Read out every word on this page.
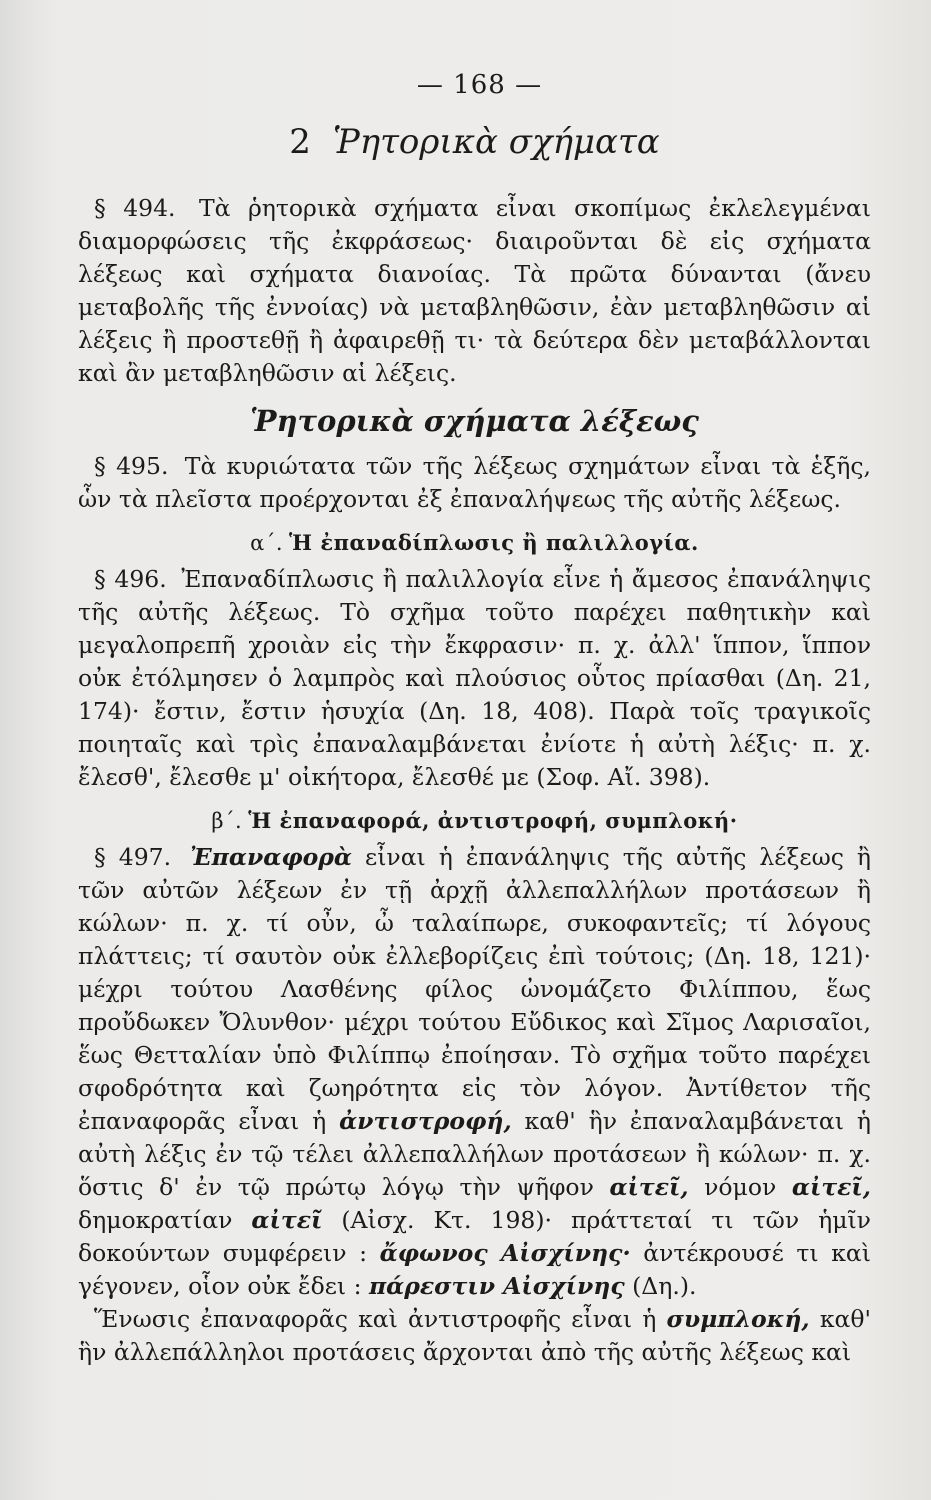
— 168 —
2 Ῥητορικὰ σχήματα

§ 494. Τὰ ῥητορικὰ σχήματα εἶναι σκοπίμως ἐκλελεγμέναι διαμορφώσεις τῆς ἐκφράσεως· διαιροῦνται δὲ εἰς σχήματα λέξεως καὶ σχήματα διανοίας. Τὰ πρῶτα δύνανται (ἄνευ μεταβολῆς τῆς ἐννοίας) νὰ μεταβληθῶσιν, ἐὰν μεταβληθῶσιν αἱ λέξεις ἢ προστεθῇ ἢ ἀφαιρεθῇ τι· τὰ δεύτερα δὲν μεταβάλλονται καὶ ἂν μεταβληθῶσιν αἱ λέξεις.

Ῥητορικὰ σχήματα λέξεως

§ 495. Τὰ κυριώτατα τῶν τῆς λέξεως σχημάτων εἶναι τὰ ἑξῆς, ὧν τὰ πλεῖστα προέρχονται ἐξ ἐπαναλήψεως τῆς αὐτῆς λέξεως.

α΄. Ἡ ἐπαναδίπλωσις ἢ παλιλλογία.

§ 496. Ἐπαναδίπλωσις ἢ παλιλλογία εἶνε ἡ ἄμεσος ἐπανάληψις τῆς αὐτῆς λέξεως. Τὸ σχῆμα τοῦτο παρέχει παθητικὴν καὶ μεγαλοπρεπῆ χροιὰν εἰς τὴν ἔκφρασιν· π. χ. ἀλλ' ἵππον, ἵππον οὐκ ἐτόλμησεν ὁ λαμπρὸς καὶ πλούσιος οὗτος πρίασθαι (Δη. 21, 174)· ἔστιν, ἔστιν ἡσυχία (Δη. 18, 408). Παρὰ τοῖς τραγικοῖς ποιηταῖς καὶ τρὶς ἐπαναλαμβάνεται ἐνίοτε ἡ αὐτὴ λέξις· π. χ. ἔλεσθ', ἔλεσθε μ' οἰκήτορα, ἔλεσθέ με (Σοφ. Αἴ. 398).

β΄. Ἡ ἐπαναφορά, ἀντιστροφή, συμπλοκή·

§ 497. Ἐπαναφορὰ εἶναι ἡ ἐπανάληψις τῆς αὐτῆς λέξεως ἢ τῶν αὐτῶν λέξεων ἐν τῇ ἀρχῇ ἀλλεπαλλήλων προτάσεων ἢ κώλων· π. χ. τί οὖν, ὦ ταλαίπωρε, συκοφαντεῖς; τί λόγους πλάττεις; τί σαυτὸν οὐκ ἐλλεβορίζεις ἐπὶ τούτοις; (Δη. 18, 121)· μέχρι τούτου Λασθένης φίλος ὠνομάζετο Φιλίππου, ἕως προὔδωκεν Ὄλυνθον· μέχρι τούτου Εὔδικος καὶ Σῖμος Λαρισαῖοι, ἕως Θετταλίαν ὑπὸ Φιλίππῳ ἐποίησαν. Τὸ σχῆμα τοῦτο παρέχει σφοδρότητα καὶ ζωηρότητα εἰς τὸν λόγον. Ἀντίθετον τῆς ἐπαναφορᾶς εἶναι ἡ ἀντιστροφή, καθ' ἣν ἐπαναλαμβάνεται ἡ αὐτὴ λέξις ἐν τῷ τέλει ἀλλεπαλλήλων προτάσεων ἢ κώλων· π. χ. ὅστις δ' ἐν τῷ πρώτῳ λόγῳ τὴν ψῆφον αἰτεῖ, νόμον αἰτεῖ, δημοκρατίαν αἰτεῖ (Αἰσχ. Κτ. 198)· πράττεταί τι τῶν ἡμῖν δοκούντων συμφέρειν : ἄφωνος Αἰσχίνης· ἀντέκρουσέ τι καὶ γέγονεν, οἷον οὐκ ἔδει : πάρεστιν Αἰσχίνης (Δη.).

Ἕνωσις ἐπαναφορᾶς καὶ ἀντιστροφῆς εἶναι ἡ συμπλοκή, καθ' ἣν ἀλλεπάλληλοι προτάσεις ἄρχονται ἀπὸ τῆς αὐτῆς λέξεως καὶ
